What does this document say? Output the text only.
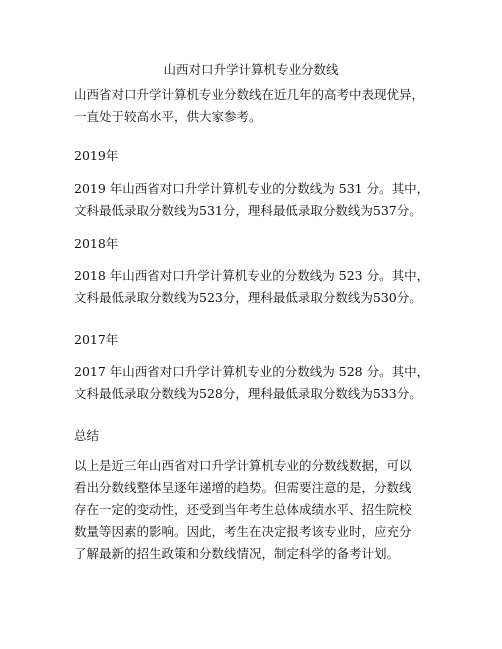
山西对口升学计算机专业分数线
山西省对口升学计算机专业分数线在近几年的高考中表现优异，
一直处于较高水平，供大家参考。
2019年
2019 年山西省对口升学计算机专业的分数线为 531 分。其中，
文科最低录取分数线为531分，理科最低录取分数线为537分。
2018年
2018 年山西省对口升学计算机专业的分数线为 523 分。其中，
文科最低录取分数线为523分，理科最低录取分数线为530分。
2017年
2017 年山西省对口升学计算机专业的分数线为 528 分。其中，
文科最低录取分数线为528分，理科最低录取分数线为533分。
总结
以上是近三年山西省对口升学计算机专业的分数线数据，可以
看出分数线整体呈逐年递增的趋势。但需要注意的是，分数线
存在一定的变动性，还受到当年考生总体成绩水平、招生院校
数量等因素的影响。因此，考生在决定报考该专业时，应充分
了解最新的招生政策和分数线情况，制定科学的备考计划。
